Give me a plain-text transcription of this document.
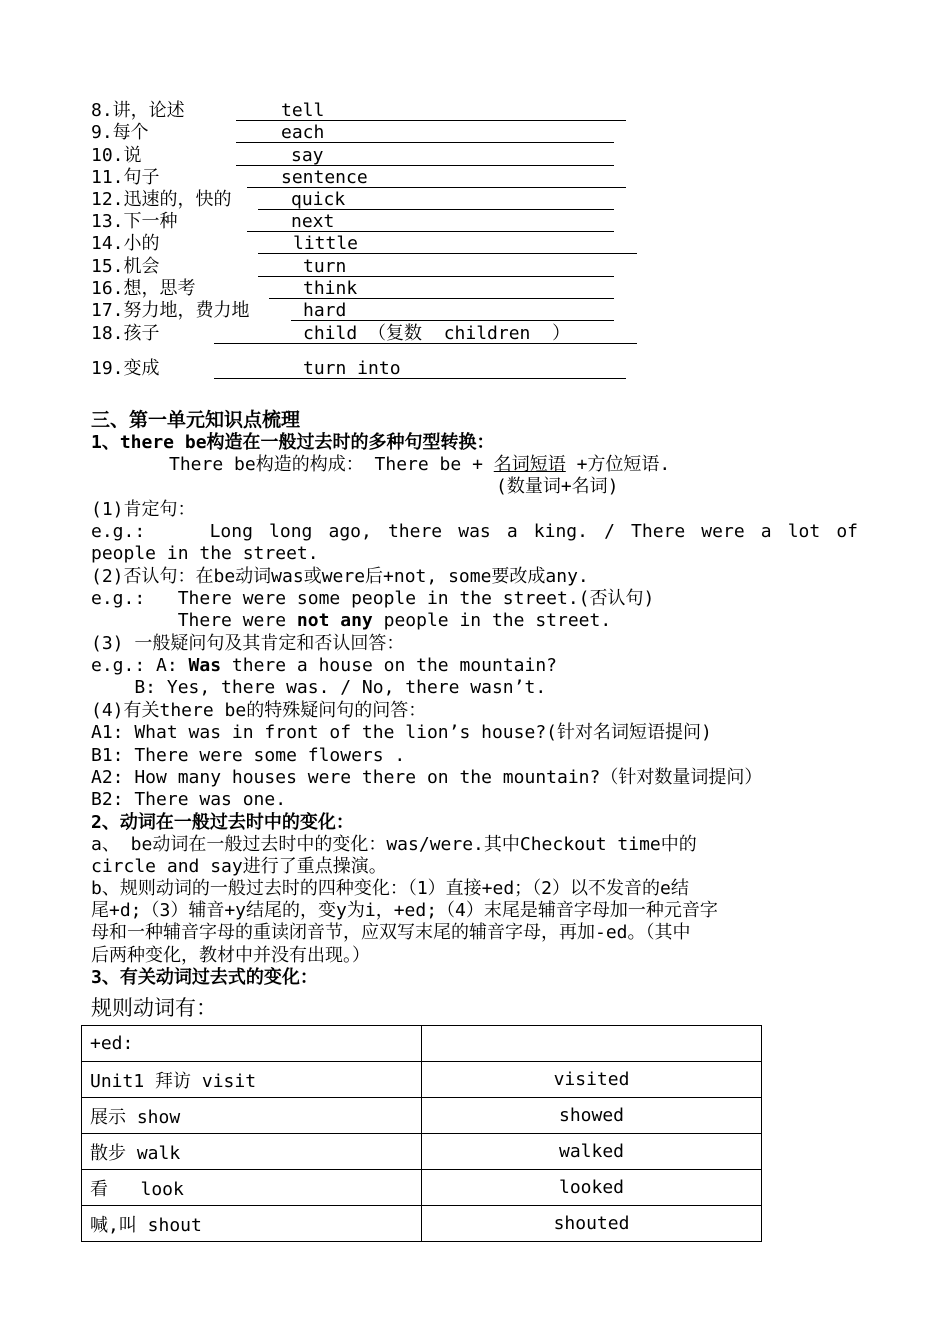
8.讲，论述	tell
9.每个	each
10.说	say
11.句子	sentence
12.迅速的，快的	quick
13.下一种	next
14.小的	little
15.机会	turn
16.想，思考	think
17.努力地，费力地	hard
18.孩子	child （复数  children  ）
19.变成	turn into
三、第一单元知识点梳理
1、there be构造在一般过去时的多种句型转换：
There be构造的构成： There be + 名词短语 +方位短语.
(数量词+名词)
(1)肯定句：
e.g.:    Long long ago, there was a king. / There were a lot of
people in the street.
(2)否认句：在be动词was或were后+not, some要改成any.
e.g.:   There were some people in the street.(否认句)
There were not any people in the street.
(3) 一般疑问句及其肯定和否认回答：
e.g.: A: Was there a house on the mountain?
B: Yes, there was. / No, there wasn’t.
(4)有关there be的特殊疑问句的问答：
A1: What was in front of the lion’s house?(针对名词短语提问)
B1: There were some flowers .
A2: How many houses were there on the mountain?（针对数量词提问）
B2: There was one.
2、动词在一般过去时中的变化：
a、 be动词在一般过去时中的变化：was/were.其中Checkout time中的
circle and say进行了重点操演。
b、规则动词的一般过去时的四种变化：（1）直接+ed；（2）以不发音的e结
尾+d;（3）辅音+y结尾的，变y为i，+ed;（4）末尾是辅音字母加一种元音字
母和一种辅音字母的重读闭音节，应双写末尾的辅音字母，再加-ed。（其中
后两种变化，教材中并没有出现。）
3、有关动词过去式的变化：
规则动词有：
+ed:	
Unit1 拜访 visit	visited
展示 show	showed
散步 walk	walked
看   look	looked
喊,叫 shout	shouted
